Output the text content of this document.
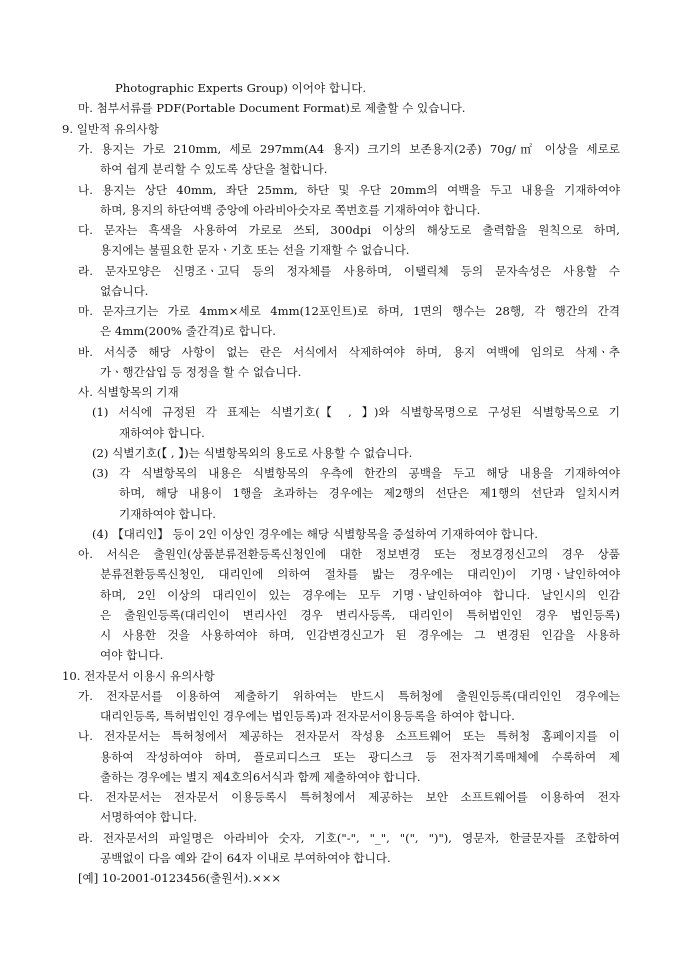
Photographic Experts Group) 이어야 합니다.
마. 첨부서류를 PDF(Portable Document Format)로 제출할 수 있습니다.
9. 일반적 유의사항
가. 용지는 가로 210mm, 세로 297mm(A4 용지) 크기의 보존용지(2종) 70g/㎡ 이상을 세로로
하여 쉽게 분리할 수 있도록 상단을 철합니다.
나. 용지는 상단 40mm, 좌단 25mm, 하단 및 우단 20mm의 여백을 두고 내용을 기재하여야
하며, 용지의 하단여백 중앙에 아라비아숫자로 쪽번호를 기재하여야 합니다.
다. 문자는 흑색을 사용하여 가로로 쓰되, 300dpi 이상의 해상도로 출력함을 원칙으로 하며,
용지에는 불필요한 문자ㆍ기호 또는 선을 기재할 수 없습니다.
라. 문자모양은 신명조ㆍ고딕 등의 정자체를 사용하며, 이탤릭체 등의 문자속성은 사용할 수
없습니다.
마. 문자크기는 가로 4mm×세로 4mm(12포인트)로 하며, 1면의 행수는 28행, 각 행간의 간격
은 4mm(200% 줄간격)로 합니다.
바. 서식중 해당 사항이 없는 란은 서식에서 삭제하여야 하며, 용지 여백에 임의로 삭제ㆍ추
가ㆍ행간삽입 등 정정을 할 수 없습니다.
사. 식별항목의 기재
(1) 서식에 규정된 각 표제는 식별기호(【 , 】)와 식별항목명으로 구성된 식별항목으로 기
재하여야 합니다.
(2) 식별기호(【 , 】)는 식별항목외의 용도로 사용할 수 없습니다.
(3) 각 식별항목의 내용은 식별항목의 우측에 한칸의 공백을 두고 해당 내용을 기재하여야
하며, 해당 내용이 1행을 초과하는 경우에는 제2행의 선단은 제1행의 선단과 일치시켜
기재하여야 합니다.
(4) 【대리인】 등이 2인 이상인 경우에는 해당 식별항목을 증설하여 기재하여야 합니다.
아. 서식은 출원인(상품분류전환등록신청인에 대한 정보변경 또는 정보경정신고의 경우 상품
분류전환등록신청인, 대리인에 의하여 절차를 밟는 경우에는 대리인)이 기명ㆍ날인하여야
하며, 2인 이상의 대리인이 있는 경우에는 모두 기명ㆍ날인하여야 합니다. 날인시의 인감
은 출원인등록(대리인이 변리사인 경우 변리사등록, 대리인이 특허법인인 경우 법인등록)
시 사용한 것을 사용하여야 하며, 인감변경신고가 된 경우에는 그 변경된 인감을 사용하
여야 합니다.
10. 전자문서 이용시 유의사항
가. 전자문서를 이용하여 제출하기 위하여는 반드시 특허청에 출원인등록(대리인인 경우에는
대리인등록, 특허법인인 경우에는 법인등록)과 전자문서이용등록을 하여야 합니다.
나. 전자문서는 특허청에서 제공하는 전자문서 작성용 소프트웨어 또는 특허청 홈페이지를 이
용하여 작성하여야 하며, 플로피디스크 또는 광디스크 등 전자적기록매체에 수록하여 제
출하는 경우에는 별지 제4호의6서식과 함께 제출하여야 합니다.
다. 전자문서는 전자문서 이용등록시 특허청에서 제공하는 보안 소프트웨어를 이용하여 전자
서명하여야 합니다.
라. 전자문서의 파일명은 아라비아 숫자, 기호("-", "_", "(", ")"), 영문자, 한글문자를 조합하여
공백없이 다음 예와 같이 64자 이내로 부여하여야 합니다.
[예] 10-2001-0123456(출원서).×××
